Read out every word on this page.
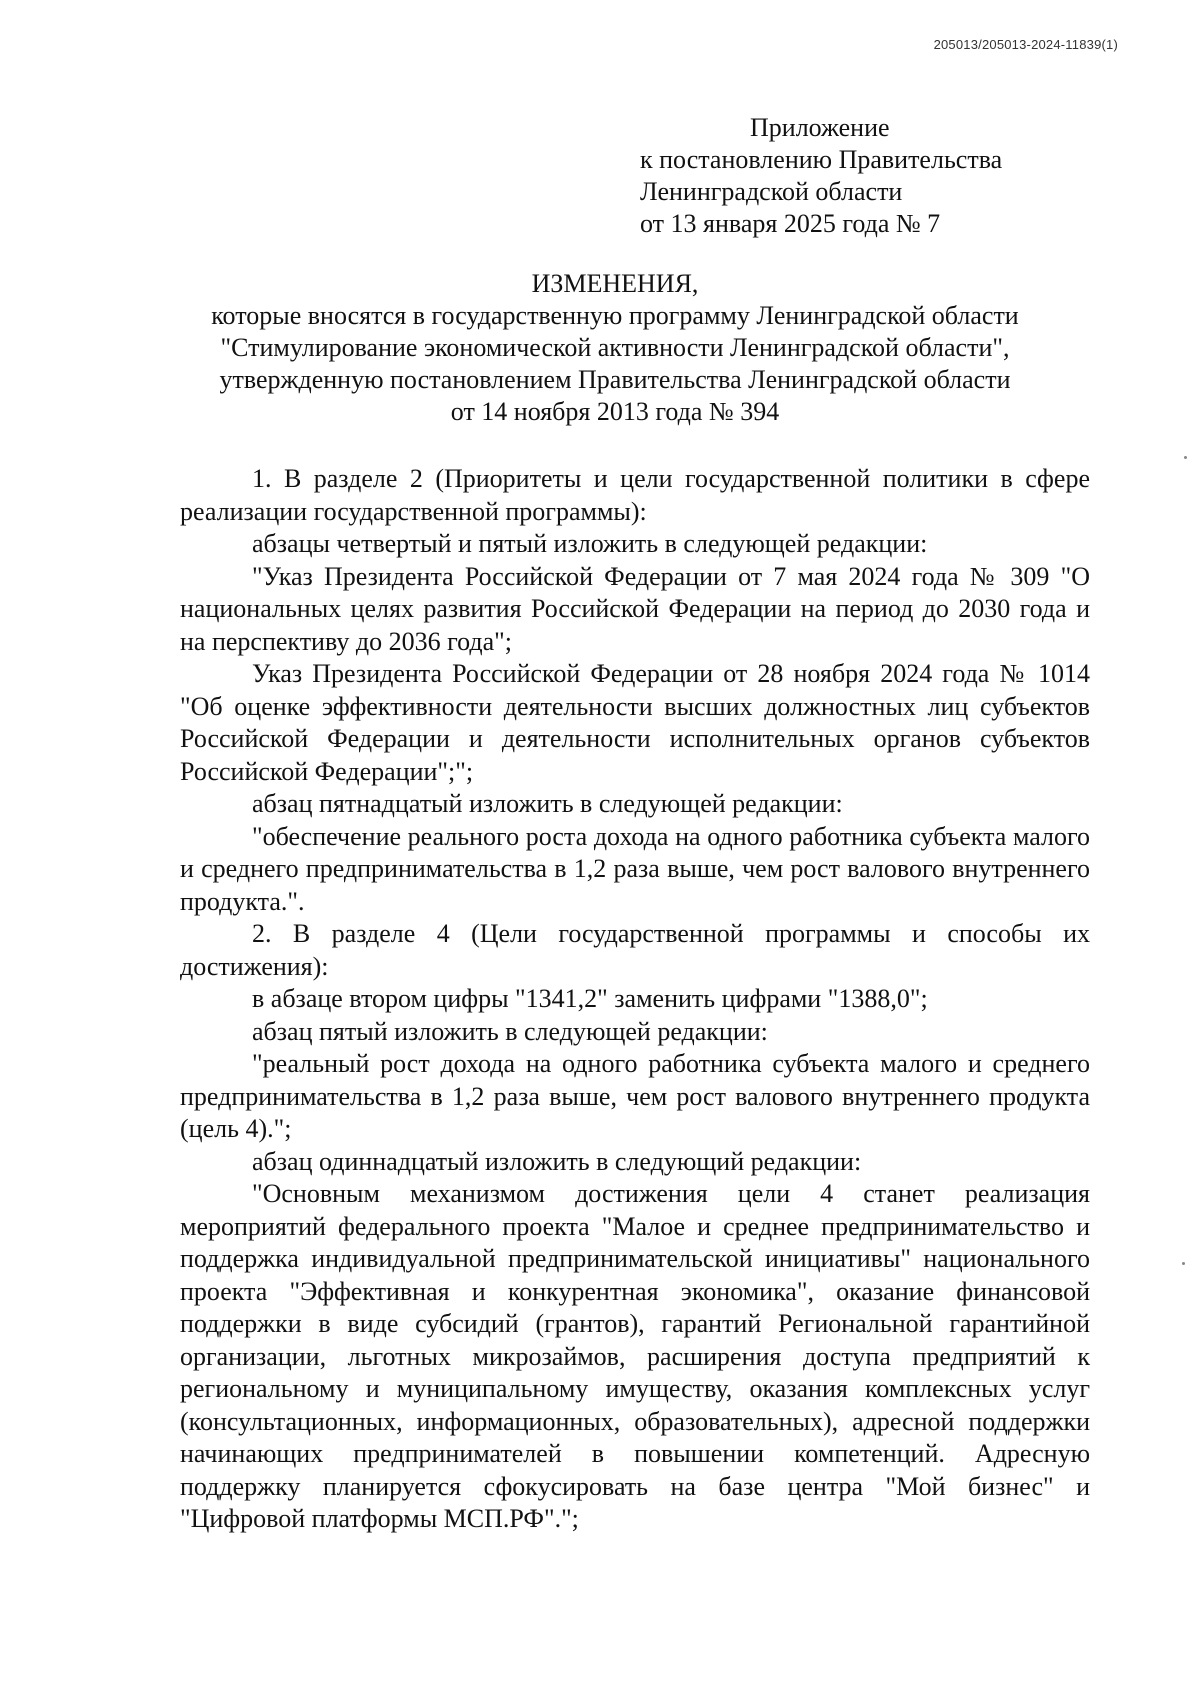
205013/205013-2024-11839(1)
Приложение
к постановлению Правительства
Ленинградской области
от 13 января 2025 года № 7
ИЗМЕНЕНИЯ,
которые вносятся в государственную программу Ленинградской области
"Стимулирование экономической активности Ленинградской области",
утвержденную постановлением Правительства Ленинградской области
от 14 ноября 2013 года № 394

1. В разделе 2 (Приоритеты и цели государственной политики в сфере реализации государственной программы):

абзацы четвертый и пятый изложить в следующей редакции:

"Указ Президента Российской Федерации от 7 мая 2024 года № 309 "О национальных целях развития Российской Федерации на период до 2030 года и на перспективу до 2036 года";

Указ Президента Российской Федерации от 28 ноября 2024 года № 1014 "Об оценке эффективности деятельности высших должностных лиц субъектов Российской Федерации и деятельности исполнительных органов субъектов Российской Федерации";";

абзац пятнадцатый изложить в следующей редакции:

"обеспечение реального роста дохода на одного работника субъекта малого и среднего предпринимательства в 1,2 раза выше, чем рост валового внутреннего продукта.".

2. В разделе 4 (Цели государственной программы и способы их достижения):

в абзаце втором цифры "1341,2" заменить цифрами "1388,0";

абзац пятый изложить в следующей редакции:

"реальный рост дохода на одного работника субъекта малого и среднего предпринимательства в 1,2 раза выше, чем рост валового внутреннего продукта (цель 4).";

абзац одиннадцатый изложить в следующий редакции:

"Основным механизмом достижения цели 4 станет реализация мероприятий федерального проекта "Малое и среднее предпринимательство и поддержка индивидуальной предпринимательской инициативы" национального проекта "Эффективная и конкурентная экономика", оказание финансовой поддержки в виде субсидий (грантов), гарантий Региональной гарантийной организации, льготных микрозаймов, расширения доступа предприятий к региональному и муниципальному имуществу, оказания комплексных услуг (консультационных, информационных, образовательных), адресной поддержки начинающих предпринимателей в повышении компетенций. Адресную поддержку планируется сфокусировать на базе центра "Мой бизнес" и "Цифровой платформы МСП.РФ".";
